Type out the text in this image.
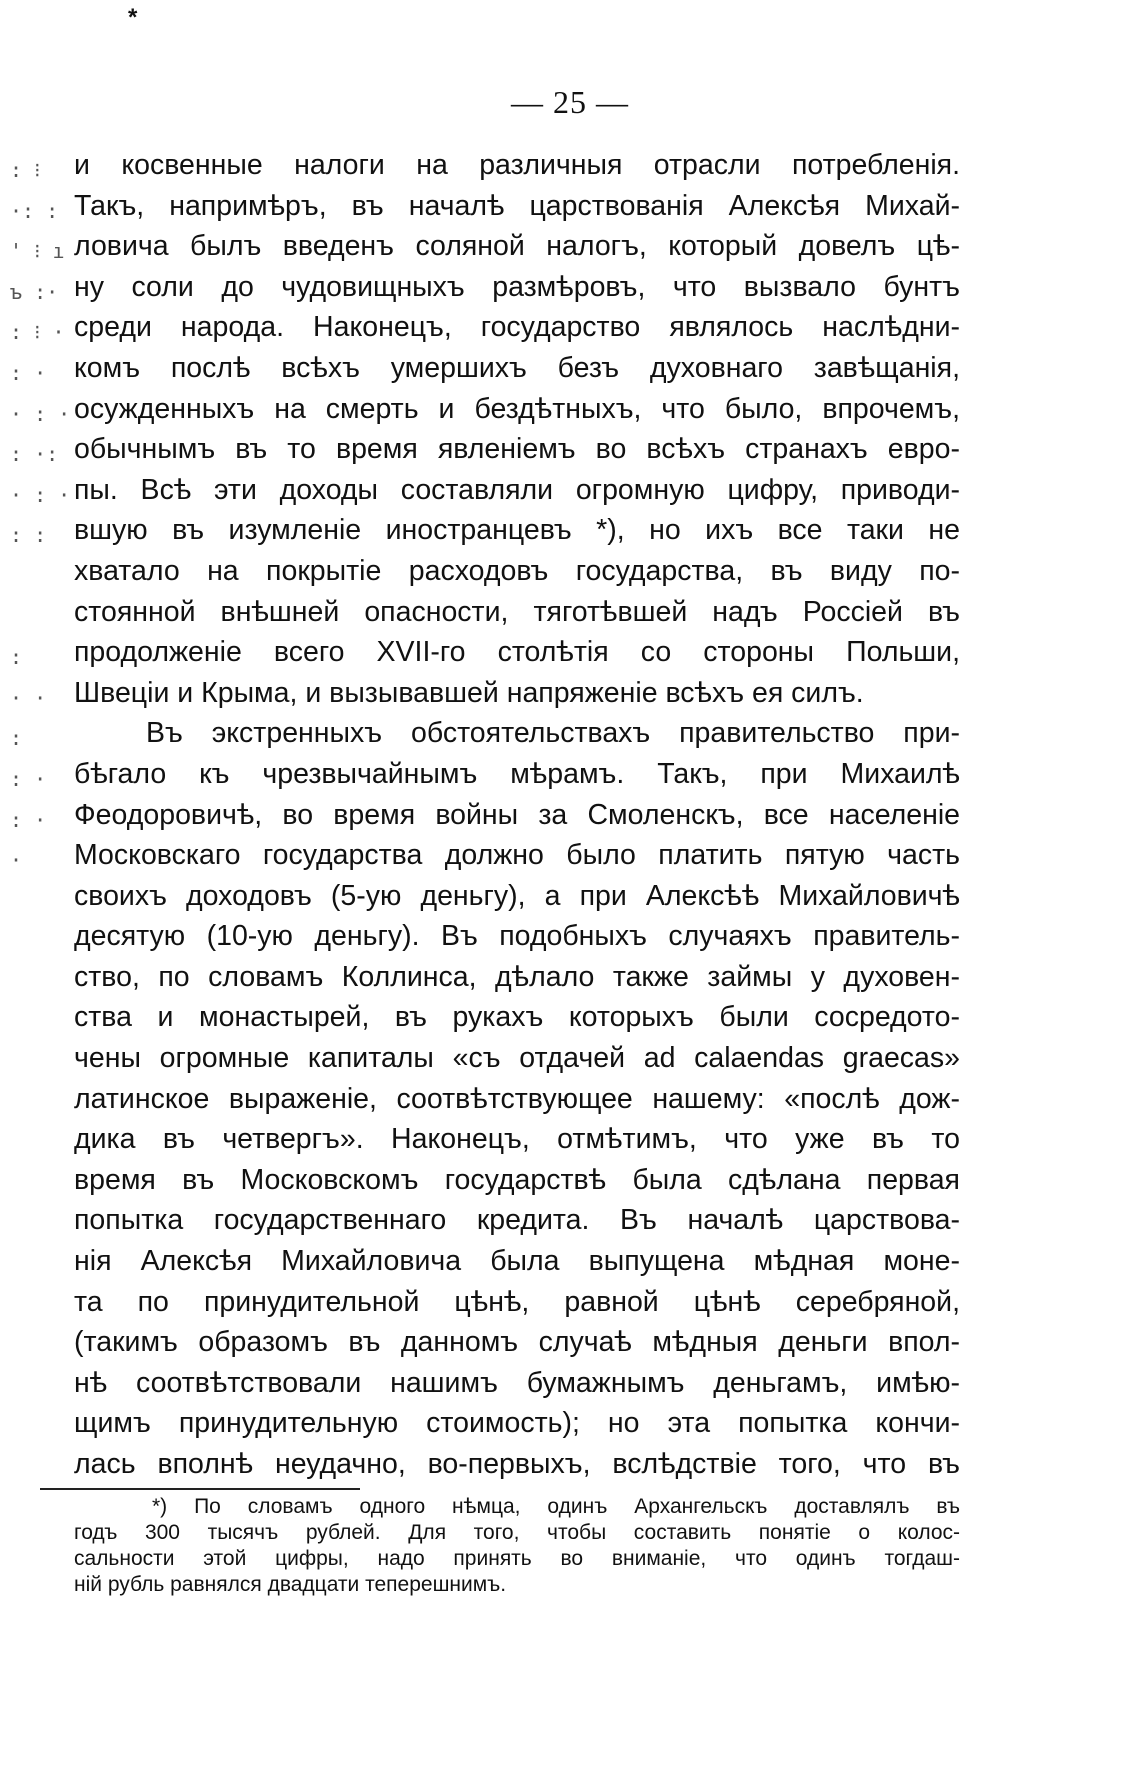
*
— 25 —
: ⁝
·: :
' ⁝ ı
ъ :·
: ⁝ ·
: ·
· : ·
: ·:
· : ·
: :
:
· ·
:
: ·
: ·
·
и косвенные налоги на различныя отрасли потребленія.
Такъ, напримѣръ, въ началѣ царствованія Алексѣя Михай-
ловича былъ введенъ соляной налогъ, который довелъ цѣ-
ну соли до чудовищныхъ размѣровъ, что вызвало бунтъ
среди народа. Наконецъ, государство являлось наслѣдни-
комъ послѣ всѣхъ умершихъ безъ духовнаго завѣщанія,
осужденныхъ на смерть и бездѣтныхъ, что было, впрочемъ,
обычнымъ въ то время явленіемъ во всѣхъ странахъ евро-
пы. Всѣ эти доходы составляли огромную цифру, приводи-
вшую въ изумленіе иностранцевъ *), но ихъ все таки не
хватало на покрытіе расходовъ государства, въ виду по-
стоянной внѣшней опасности, тяготѣвшей надъ Россіей въ
продолженіе всего XVII-го столѣтія со стороны Польши,
Швеціи и Крыма, и вызывавшей напряженіе всѣхъ ея силъ.
Въ экстренныхъ обстоятельствахъ правительство при-
бѣгало къ чрезвычайнымъ мѣрамъ. Такъ, при Михаилѣ
Феодоровичѣ, во время войны за Смоленскъ, все населеніе
Московскаго государства должно было платить пятую часть
своихъ доходовъ (5-ую деньгу), а при Алексѣѣ Михайловичѣ
десятую (10-ую деньгу). Въ подобныхъ случаяхъ правитель-
ство, по словамъ Коллинса, дѣлало также займы у духовен-
ства и монастырей, въ рукахъ которыхъ были сосредото-
чены огромные капиталы «съ отдачей ad calaendas graecas»
латинское выраженіе, соотвѣтствующее нашему: «послѣ дож-
дика въ четвергъ». Наконецъ, отмѣтимъ, что уже въ то
время въ Московскомъ государствѣ была сдѣлана первая
попытка государственнаго кредита. Въ началѣ царствова-
нія Алексѣя Михайловича была выпущена мѣдная моне-
та по принудительной цѣнѣ, равной цѣнѣ серебряной,
(такимъ образомъ въ данномъ случаѣ мѣдныя деньги впол-
нѣ соотвѣтствовали нашимъ бумажнымъ деньгамъ, имѣю-
щимъ принудительную стоимость); но эта попытка кончи-
лась вполнѣ неудачно, во-первыхъ, вслѣдствіе того, что въ
*) По словамъ одного нѣмца, одинъ Архангельскъ доставлялъ въ
годъ 300 тысячъ рублей. Для того, чтобы составить понятіе о колос-
сальности этой цифры, надо принять во вниманіе, что одинъ тогдаш-
ній рубль равнялся двадцати теперешнимъ.
